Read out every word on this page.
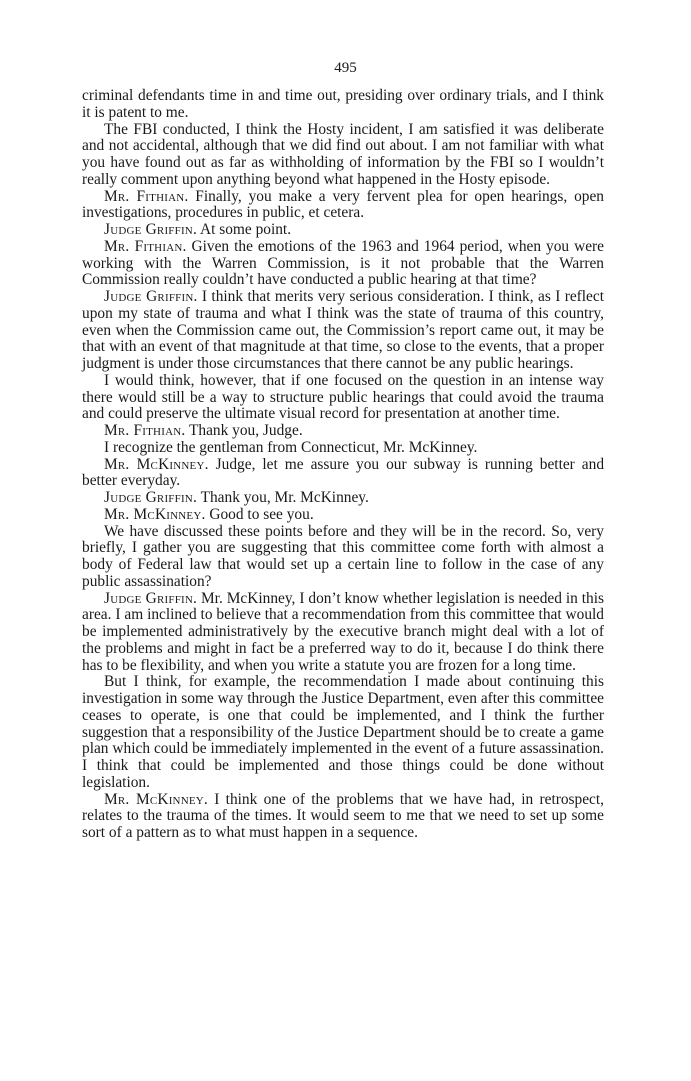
495

criminal defendants time in and time out, presiding over ordinary trials, and I think it is patent to me.

The FBI conducted, I think the Hosty incident, I am satisfied it was deliberate and not accidental, although that we did find out about. I am not familiar with what you have found out as far as withholding of information by the FBI so I wouldn’t really comment upon anything beyond what happened in the Hosty episode.

Mr. Fithian. Finally, you make a very fervent plea for open hearings, open investigations, procedures in public, et cetera.

Judge Griffin. At some point.

Mr. Fithian. Given the emotions of the 1963 and 1964 period, when you were working with the Warren Commission, is it not probable that the Warren Commission really couldn’t have conducted a public hearing at that time?

Judge Griffin. I think that merits very serious consideration. I think, as I reflect upon my state of trauma and what I think was the state of trauma of this country, even when the Commission came out, the Commission’s report came out, it may be that with an event of that magnitude at that time, so close to the events, that a proper judgment is under those circumstances that there cannot be any public hearings.

I would think, however, that if one focused on the question in an intense way there would still be a way to structure public hearings that could avoid the trauma and could preserve the ultimate visual record for presentation at another time.

Mr. Fithian. Thank you, Judge.

I recognize the gentleman from Connecticut, Mr. McKinney.

Mr. McKinney. Judge, let me assure you our subway is running better and better everyday.

Judge Griffin. Thank you, Mr. McKinney.

Mr. McKinney. Good to see you.

We have discussed these points before and they will be in the record. So, very briefly, I gather you are suggesting that this committee come forth with almost a body of Federal law that would set up a certain line to follow in the case of any public assassination?

Judge Griffin. Mr. McKinney, I don’t know whether legislation is needed in this area. I am inclined to believe that a recommendation from this committee that would be implemented administratively by the executive branch might deal with a lot of the problems and might in fact be a preferred way to do it, because I do think there has to be flexibility, and when you write a statute you are frozen for a long time.

But I think, for example, the recommendation I made about continuing this investigation in some way through the Justice Department, even after this committee ceases to operate, is one that could be implemented, and I think the further suggestion that a responsibility of the Justice Department should be to create a game plan which could be immediately implemented in the event of a future assassination. I think that could be implemented and those things could be done without legislation.

Mr. McKinney. I think one of the problems that we have had, in retrospect, relates to the trauma of the times. It would seem to me that we need to set up some sort of a pattern as to what must happen in a sequence.
